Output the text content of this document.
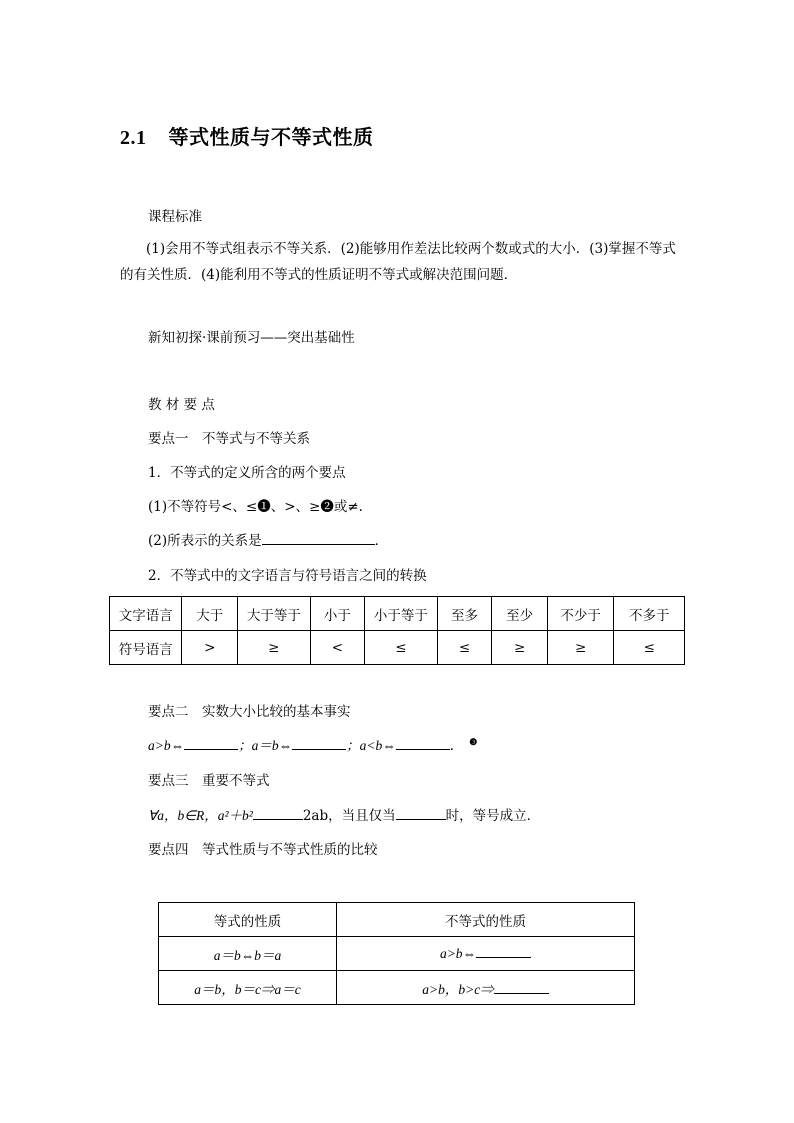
2.1 等式性质与不等式性质
课程标准
(1)会用不等式组表示不等关系．(2)能够用作差法比较两个数或式的大小．(3)掌握不等式的有关性质．(4)能利用不等式的性质证明不等式或解决范围问题．
新知初探·课前预习——突出基础性
教 材 要 点
要点一　不等式与不等关系
1．不等式的定义所含的两个要点
(1)不等符号<、≤❶、>、≥❷或≠.
(2)所表示的关系是	．
2．不等式中的文字语言与符号语言之间的转换
文字语言	大于	大于等于	小于	小于等于	至多	至少	不少于	不多于
符号语言	>	≥	<	≤	≤	≥	≥	≤
要点二　实数大小比较的基本事实
a>b⇔	；a＝b⇔	；a<b⇔	． $^❸$
要点三　重要不等式
∀a，b∈R，a²＋b²	2ab，当且仅当	时，等号成立．
要点四　等式性质与不等式性质的比较
等式的性质	不等式的性质
a＝b⇔b＝a	a>b⇔
a＝b，b＝c⇒a＝c	a>b，b>c⇒
